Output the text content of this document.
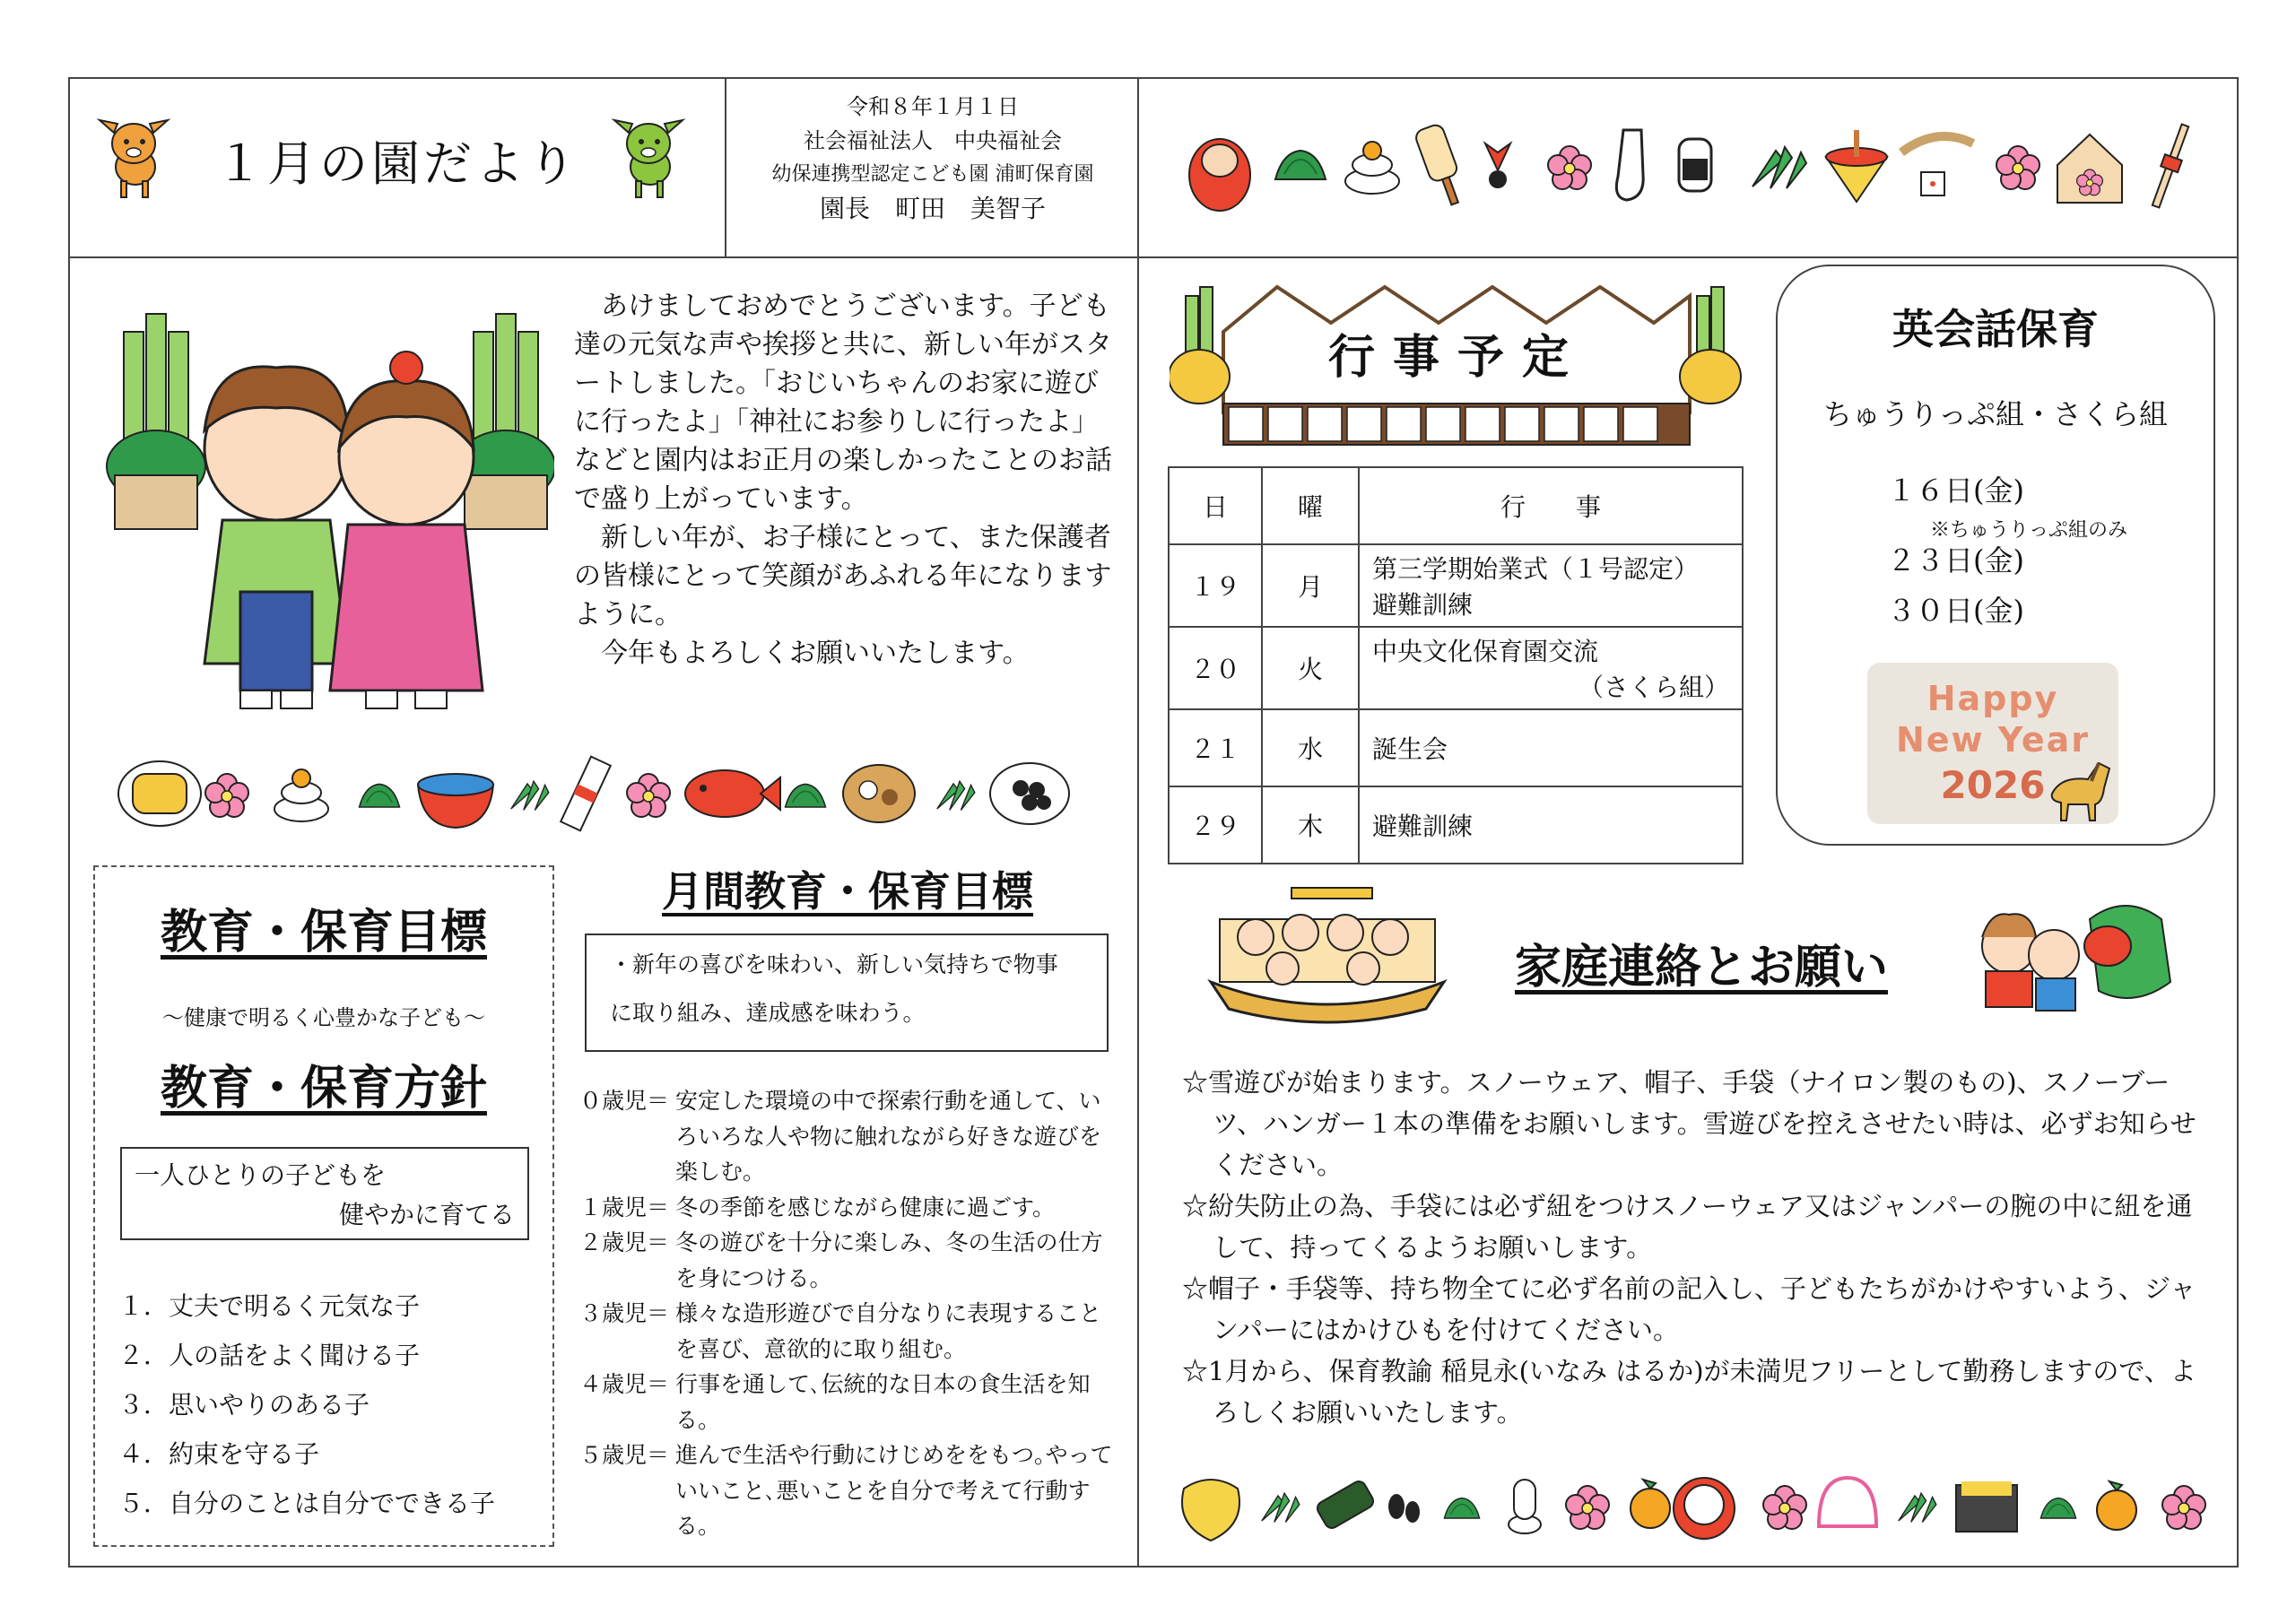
１月の園だより
令和８年１月１日
社会福祉法人　中央福祉会
幼保連携型認定こども園 浦町保育園
園長　町田　美智子

あけましておめでとうございます。子ども達の元気な声や挨拶と共に、新しい年がスタートしました。「おじいちゃんのお家に遊びに行ったよ」「神社にお参りしに行ったよ」などと園内はお正月の楽しかったことのお話で盛り上がっています。

新しい年が、お子様にとって、また保護者の皆様にとって笑顔があふれる年になりますように。

今年もよろしくお願いいたします。

教育・保育目標
～健康で明るく心豊かな子ども～
教育・保育方針
一人ひとりの子どもを
健やかに育てる
１．丈夫で明るく元気な子
２．人の話をよく聞ける子
３．思いやりのある子
４．約束を守る子
５．自分のことは自分でできる子
月間教育・保育目標
・新年の喜びを味わい、新しい気持ちで物事
に取り組み、達成感を味わう。
０歳児＝ 安定した環境の中で探索行動を通して、いろいろな人や物に触れながら好きな遊びを楽しむ。
１歳児＝ 冬の季節を感じながら健康に過ごす。
２歳児＝ 冬の遊びを十分に楽しみ、冬の生活の仕方を身につける。
３歳児＝ 様々な造形遊びで自分なりに表現することを喜び、意欲的に取り組む。
４歳児＝ 行事を通して､伝統的な日本の食生活を知る。
５歳児＝ 進んで生活や行動にけじめををもつ｡やっていいこと､悪いことを自分で考えて行動する。
行事予定
日	曜	行　　事
１９	月	第三学期始業式（１号認定）
避難訓練

２０	火	中央文化保育園交流
（さくら組）

２１	水	誕生会
２９	木	避難訓練
英会話保育
ちゅうりっぷ組・さくら組
１６日(金)
２３日(金)
３０日(金)
※ちゅうりっぷ組のみ
Happy
New Year
2026
家庭連絡とお願い
☆雪遊びが始まります。スノーウェア、帽子、手袋（ナイロン製のもの)、スノーブーツ、ハンガー１本の準備をお願いします。雪遊びを控えさせたい時は、必ずお知らせください。
☆紛失防止の為、手袋には必ず紐をつけスノーウェア又はジャンパーの腕の中に紐を通して、持ってくるようお願いします。
☆帽子・手袋等、持ち物全てに必ず名前の記入し、子どもたちがかけやすいよう、ジャンパーにはかけひもを付けてください。
☆1月から、保育教諭 稲見永(いなみ はるか)が未満児フリーとして勤務しますので、よろしくお願いいたします。
